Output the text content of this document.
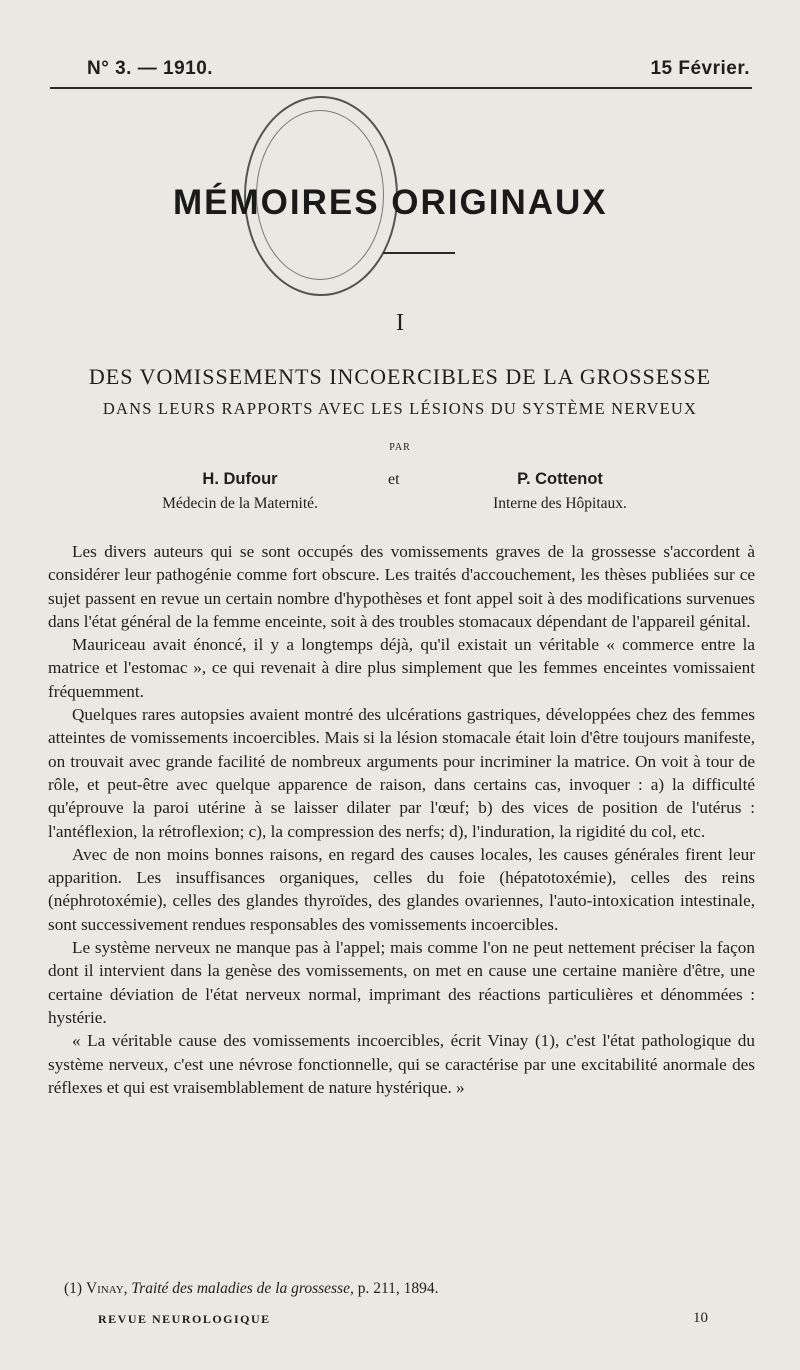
N° 3. — 1910.	15 Février.
MÉMOIRES ORIGINAUX
I
DES VOMISSEMENTS INCOERCIBLES DE LA GROSSESSE
DANS LEURS RAPPORTS AVEC LES LÉSIONS DU SYSTÈME NERVEUX
PAR
H. Dufour
Médecin de la Maternité.
et	P. Cottenot
Interne des Hôpitaux.

Les divers auteurs qui se sont occupés des vomissements graves de la grossesse s'accordent à considérer leur pathogénie comme fort obscure. Les traités d'accouchement, les thèses publiées sur ce sujet passent en revue un certain nombre d'hypothèses et font appel soit à des modifications survenues dans l'état général de la femme enceinte, soit à des troubles stomacaux dépendant de l'appareil génital.

Mauriceau avait énoncé, il y a longtemps déjà, qu'il existait un véritable « commerce entre la matrice et l'estomac », ce qui revenait à dire plus simplement que les femmes enceintes vomissaient fréquemment.

Quelques rares autopsies avaient montré des ulcérations gastriques, développées chez des femmes atteintes de vomissements incoercibles. Mais si la lésion stomacale était loin d'être toujours manifeste, on trouvait avec grande facilité de nombreux arguments pour incriminer la matrice. On voit à tour de rôle, et peut-être avec quelque apparence de raison, dans certains cas, invoquer : a) la difficulté qu'éprouve la paroi utérine à se laisser dilater par l'œuf; b) des vices de position de l'utérus : l'antéflexion, la rétroflexion; c), la compression des nerfs; d), l'induration, la rigidité du col, etc.

Avec de non moins bonnes raisons, en regard des causes locales, les causes générales firent leur apparition. Les insuffisances organiques, celles du foie (hépatotoxémie), celles des reins (néphrotoxémie), celles des glandes thyroïdes, des glandes ovariennes, l'auto-intoxication intestinale, sont successivement rendues responsables des vomissements incoercibles.

Le système nerveux ne manque pas à l'appel; mais comme l'on ne peut nettement préciser la façon dont il intervient dans la genèse des vomissements, on met en cause une certaine manière d'être, une certaine déviation de l'état nerveux normal, imprimant des réactions particulières et dénommées : hystérie.

« La véritable cause des vomissements incoercibles, écrit Vinay (1), c'est l'état pathologique du système nerveux, c'est une névrose fonctionnelle, qui se caractérise par une excitabilité anormale des réflexes et qui est vraisemblablement de nature hystérique. »

(1) Vinay, Traité des maladies de la grossesse, p. 211, 1894.
REVUE NEUROLOGIQUE	10
